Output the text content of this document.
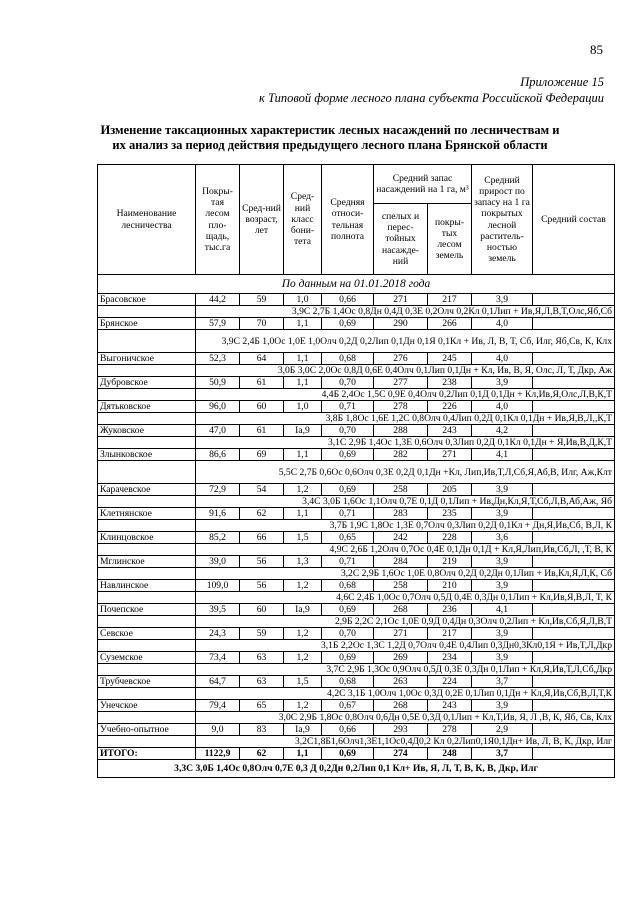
85
Приложение 15
к Типовой форме лесного плана субъекта Российской Федерации
Изменение таксационных характеристик лесных насаждений по лесничествам и
их анализ за период действия предыдущего лесного плана Брянской области
Наименование лесничества	Покры-тая лесом пло-щадь, тыс.га	Сред-ний возраст, лет	Сред-ний класс бони-тета	Средняя относи-тельная полнота	Средний запас насаждений на 1 га, м³		Средний прирост по запасу на 1 га покрытых лесной раститель-ностью земель	Средний состав
					спелых и перес-тойных насажде-ний	покры-тых лесом земель		
По данным на 01.01.2018 года								
Брасовское	44,2	59	1,0	0,66	271	217	3,9	
	3,9С 2,7Б 1,4Ос 0,8Дн 0,4Д 0,3Е 0,2Олч 0,2Кл 0,1Лип + Ив,Я,Л,В,Т,Олс,Яб,Сб							
Брянское	57,9	70	1,1	0,69	290	266	4,0	
	3,9С 2,4Б 1,0Ос 1,0Е 1,0Олч 0,2Д 0,2Лип 0,1Дн 0,1Я 0,1Кл + Ив, Л, В, Т, Сб, Илг, Яб,Св, К, Клх							
Выгоничское	52,3	64	1,1	0,68	276	245	4,0	
	3,0Б 3,0С 2,0Ос 0,8Д 0,6Е 0,4Олч 0,1Лип 0,1Дн + Кл, Ив, В, Я, Олс, Л, Т, Дкр, Аж							
Дубровское	50,9	61	1,1	0,70	277	238	3,9	
	4,4Б 2,4Ос 1,5С 0,9Е 0,4Олч 0,2Лип 0,1Д 0,1Дн + Кл,Ив,Я,Олс,Л,В,К,Т							
Дятьковское	96,0	60	1,0	0,71	278	226	4,0	
	3,8Б 1,8Ос 1,6Е 1,2С 0,8Олч 0,4Лип 0,2Д 0,1Кл 0,1Дн + Ив,Я,В,Л,,К,Т							
Жуковское	47,0	61	Iа,9	0,70	288	243	4,2	
	3,1С 2,9Б 1,4Ос 1,3Е 0,6Олч 0,3Лип 0,2Д 0,1Кл 0,1Дн + Я,Ив,В,Д,К,Т							
Злынковское	86,6	69	1,1	0,69	282	271	4,1	
	5,5С 2,7Б 0,6Ос 0,6Олч 0,3Е 0,2Д 0,1Дн +Кл, Лип,Ив,Т,Л,Сб,Я,Аб,В, Илг, Аж,Клт							
Карачевское	72,9	54	1,2	0,69	258	205	3,9	
	3,4С 3,0Б 1,6Ос 1,1Олч 0,7Е 0,1Д 0,1Лип + Ив,Дн,Кл,Я,Т,Сб,Л,В,Аб,Аж, Яб							
Клетнянское	91,6	62	1,1	0,71	283	235	3,9	
	3,7Б 1,9С 1,8Ос 1,3Е 0,7Олч 0,3Лип 0,2Д 0,1Кл + Дн,Я,Ив,Сб, В,Л, К							
Клинцовское	85,2	66	1,5	0,65	242	228	3,6	
	4,9С 2,6Б 1,2Олч 0,7Ос 0,4Е 0,1Дн 0,1Д + Кл,Я,Лип,Ив,Сб,Л, ,Т, В, К							
Мглинское	39,0	56	1,3	0,71	284	219	3,9	
	3,2С 2,9Б 1,6Ос 1,0Е 0,8Олч 0,2Д 0,2Дн 0,1Лип + Ив,Кл,Я,Л,К, Сб							
Навлинское	109,0	56	1,2	0,68	258	210	3,9	
	4,6С 2,4Б 1,0Ос 0,7Олч 0,5Д 0,4Е 0,3Дн 0,1Лип + Кл,Ив,Я,В,Л, Т, К							
Почепское	39,5	60	Iа,9	0,69	268	236	4,1	
	2,9Б 2,2С 2,1Ос 1,0Е 0,9Д 0,4Дн 0,3Олч 0,2Лип + Кл,Ив,Сб,Я,Л,В,Т							
Севское	24,3	59	1,2	0,70	271	217	3,9	
	3,1Б 2,2Ос 1,3С 1,2Д 0,7Олч 0,4Е 0,4Лип 0,3Дн0,3Кл0,1Я + Ив,Т,Л,Дкр							
Суземское	73,4	63	1,2	0,69	269	234	3,9	
	3,7С 2,9Б 1,3Ос 0,9Олч 0,5Д 0,3Е 0,3Дн 0,1Лип + Кл,Я,Ив,Т,Л,Сб,Дкр							
Трубчевское	64,7	63	1,5	0,68	263	224	3,7	
	4,2С 3,1Б 1,0Олч 1,0Ос 0,3Д 0,2Е 0,1Лип 0,1Дн + Кл,Я,Ив,Сб,В,Л,Т,К							
Унечское	79,4	65	1,2	0,67	268	243	3,9	
	3,0С 2,9Б 1,8Ос 0,8Олч 0,6Дн 0,5Е 0,3Д 0,1Лип + Кл,Т,Ив, Я, Л ,В, К, Яб, Св, Клх							
Учебно-опытное	9,0	83	Iа,9	0,66	293	278	2,9	
	3,2С1,8Б1,6Олч1,3Е1,1Ос0,4Д0,2 Кл 0,2Лип0,1Я0,1Дн+ Ив, Л, В, К, Дкр, Илг							
ИТОГО:	1122,9	62	1,1	0,69	274	248	3,7	
3,3С 3,0Б 1,4Ос 0,8Олч 0,7Е 0,3 Д 0,2Дн 0,2Лип 0,1 Кл+ Ив, Я, Л, Т, В, К, В, Дкр, Илг								
